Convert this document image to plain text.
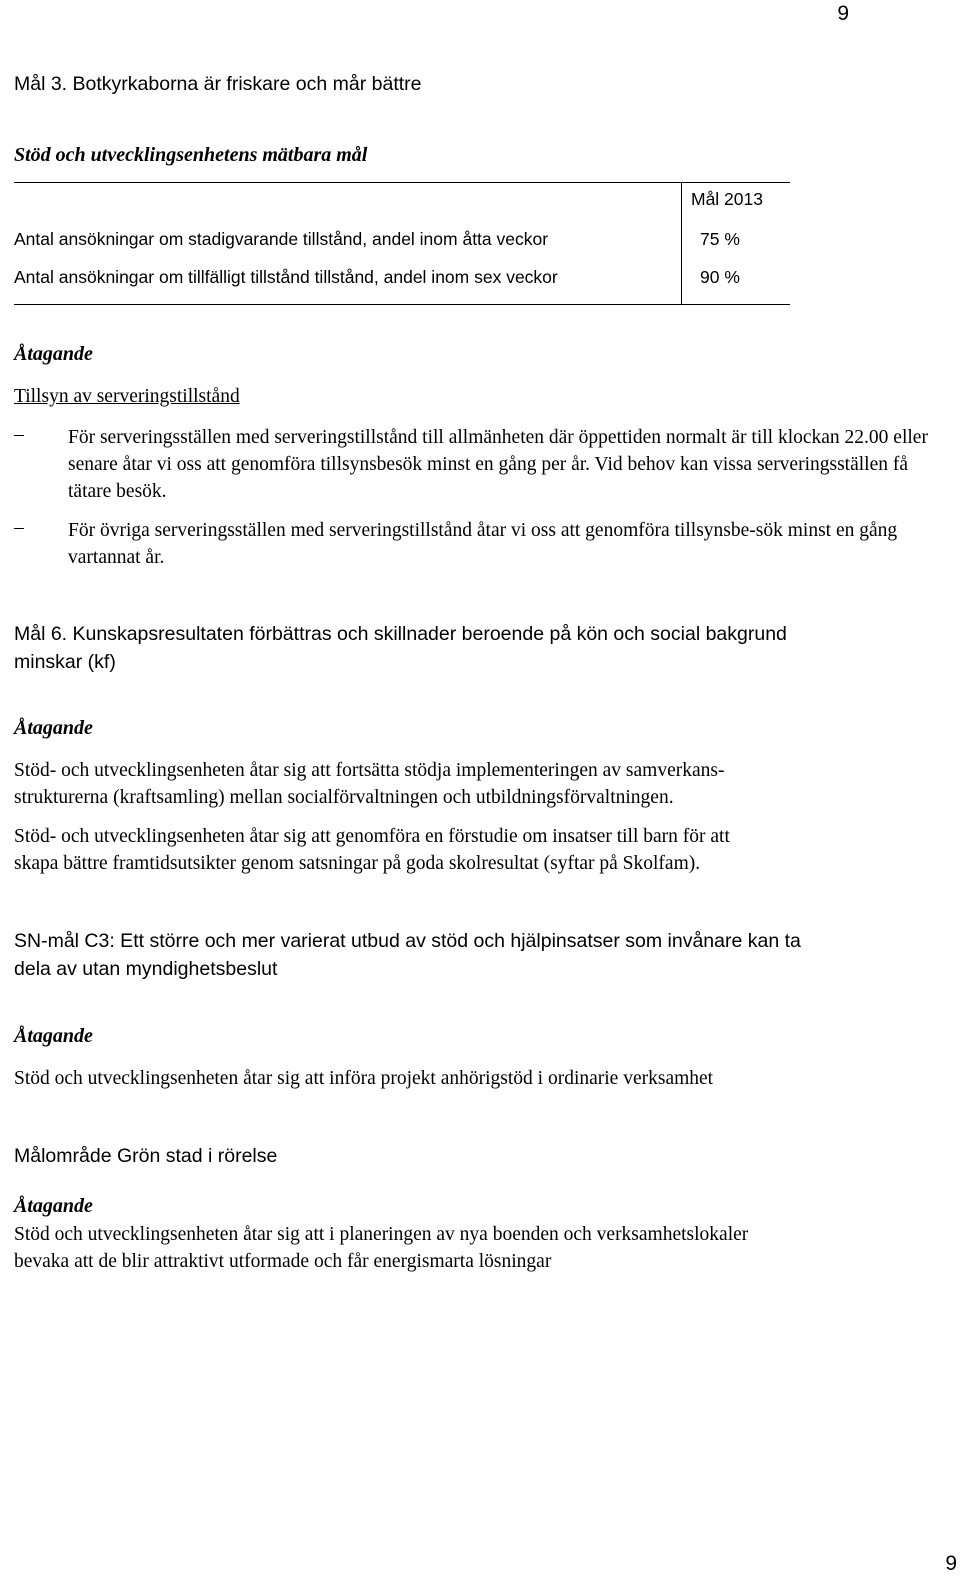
9
Mål 3. Botkyrkaborna är friskare och mår bättre
Stöd och utvecklingsenhetens mätbara mål
Mål 2013
Antal ansökningar om stadigvarande tillstånd, andel inom åtta veckor	75 %
Antal ansökningar om tillfälligt tillstånd tillstånd, andel inom sex veckor	90 %
Åtagande
Tillsyn av serveringstillstånd
–	För serveringsställen med serveringstillstånd till allmänheten där öppettiden normalt är till klockan 22.00 eller senare åtar vi oss att genomföra tillsynsbesök minst en gång per år. Vid behov kan vissa serveringsställen få tätare besök.
–	För övriga serveringsställen med serveringstillstånd åtar vi oss att genomföra tillsynsbe-sök minst en gång vartannat år.
Mål 6. Kunskapsresultaten förbättras och skillnader beroende på kön och social bakgrund
minskar (kf)
Åtagande
Stöd- och utvecklingsenheten åtar sig att fortsätta stödja implementeringen av samverkans-
strukturerna (kraftsamling) mellan socialförvaltningen och utbildningsförvaltningen.
Stöd- och utvecklingsenheten åtar sig att genomföra en förstudie om insatser till barn för att
skapa bättre framtidsutsikter genom satsningar på goda skolresultat (syftar på Skolfam).
SN-mål C3: Ett större och mer varierat utbud av stöd och hjälpinsatser som invånare kan ta
dela av utan myndighetsbeslut
Åtagande
Stöd och utvecklingsenheten åtar sig att införa projekt anhörigstöd i ordinarie verksamhet
Målområde Grön stad i rörelse
Åtagande
Stöd och utvecklingsenheten åtar sig att i planeringen av nya boenden och verksamhetslokaler
bevaka att de blir attraktivt utformade och får energismarta lösningar
9
